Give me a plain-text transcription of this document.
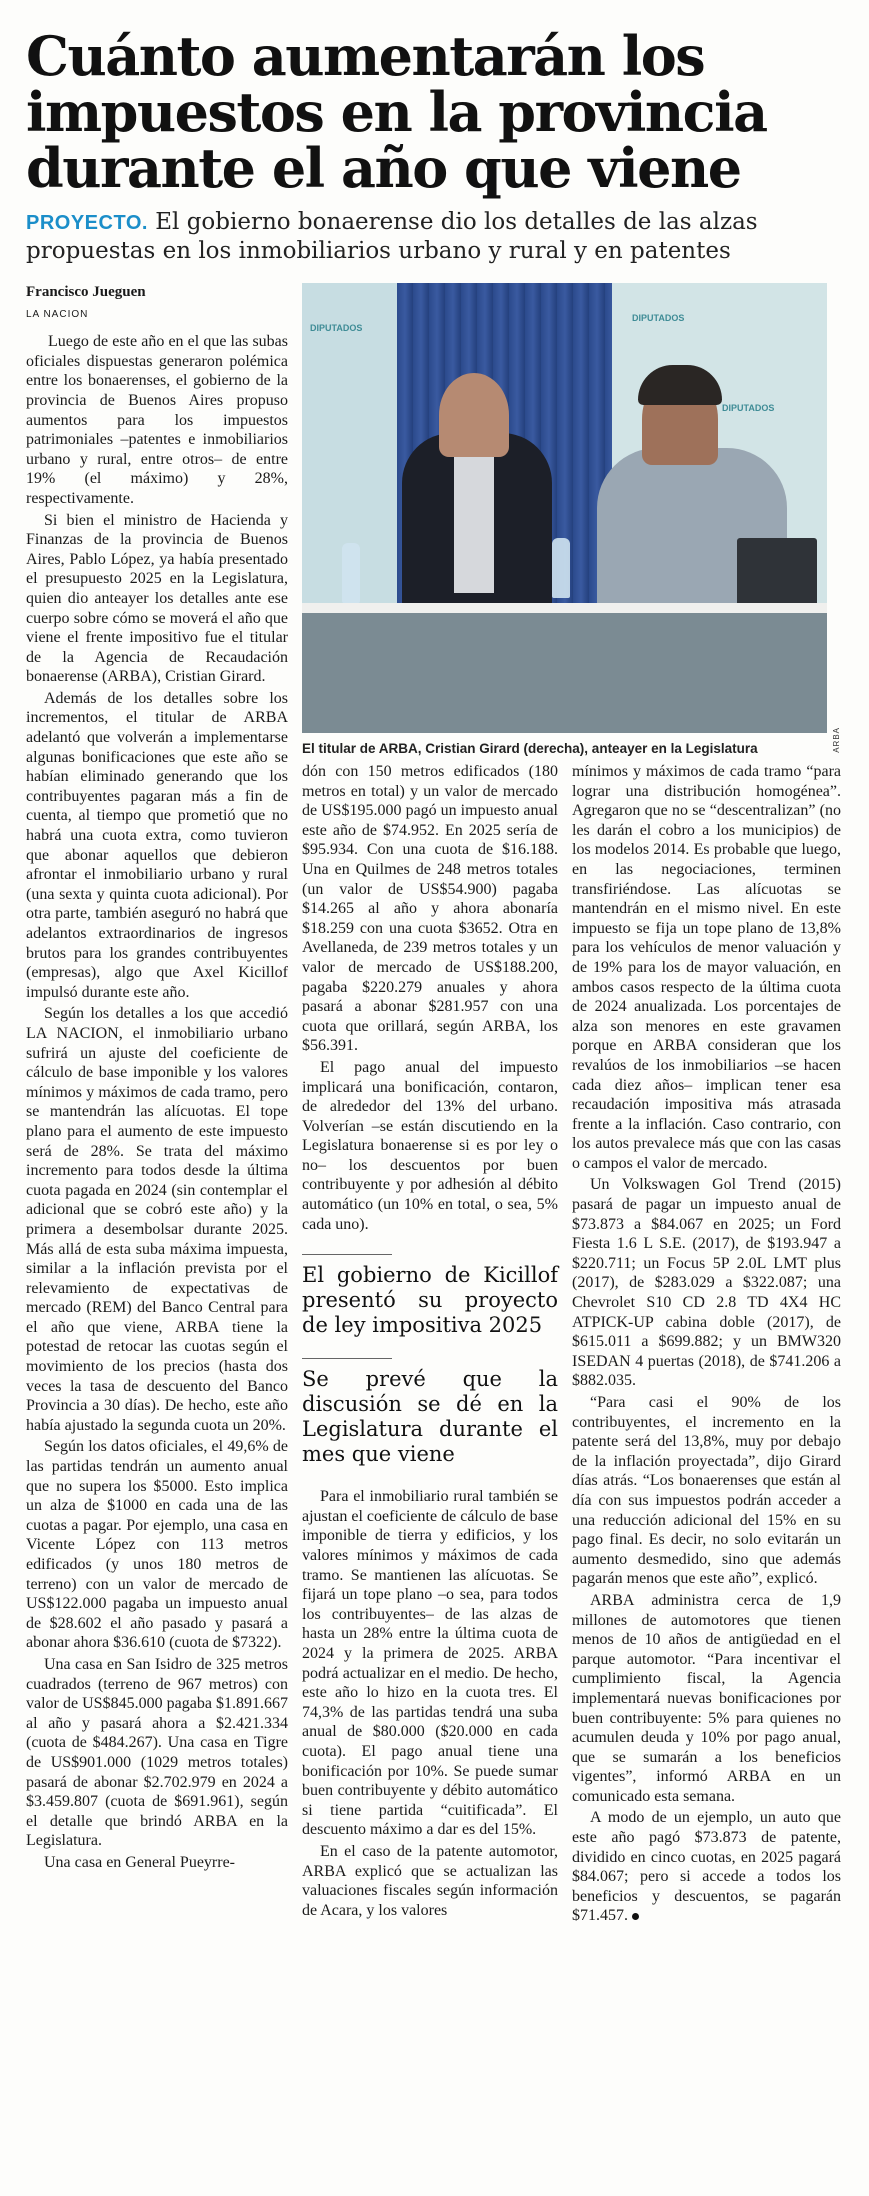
Cuánto aumentarán los impuestos en la provincia durante el año que viene

PROYECTO. El gobierno bonaerense dio los detalles de las alzas propuestas en los inmobiliarios urbano y rural y en patentes

Francisco Jueguen
LA NACION

Luego de este año en el que las subas oficiales dispuestas generaron polémica entre los bonaerenses, el gobierno de la provincia de Buenos Aires propuso aumentos para los impuestos patrimoniales –patentes e inmobiliarios urbano y rural, entre otros– de entre 19% (el máximo) y 28%, respectivamente.

Si bien el ministro de Hacienda y Finanzas de la provincia de Buenos Aires, Pablo López, ya había presentado el presupuesto 2025 en la Legislatura, quien dio anteayer los detalles ante ese cuerpo sobre cómo se moverá el año que viene el frente impositivo fue el titular de la Agencia de Recaudación bonaerense (ARBA), Cristian Girard.

Además de los detalles sobre los incrementos, el titular de ARBA adelantó que volverán a implementarse algunas bonificaciones que este año se habían eliminado generando que los contribuyentes pagaran más a fin de cuenta, al tiempo que prometió que no habrá una cuota extra, como tuvieron que abonar aquellos que debieron afrontar el inmobiliario urbano y rural (una sexta y quinta cuota adicional). Por otra parte, también aseguró no habrá que adelantos extraordinarios de ingresos brutos para los grandes contribuyentes (empresas), algo que Axel Kicillof impulsó durante este año.

Según los detalles a los que accedió LA NACION, el inmobiliario urbano sufrirá un ajuste del coeficiente de cálculo de base imponible y los valores mínimos y máximos de cada tramo, pero se mantendrán las alícuotas. El tope plano para el aumento de este impuesto será de 28%. Se trata del máximo incremento para todos desde la última cuota pagada en 2024 (sin contemplar el adicional que se cobró este año) y la primera a desembolsar durante 2025. Más allá de esta suba máxima impuesta, similar a la inflación prevista por el relevamiento de expectativas de mercado (REM) del Banco Central para el año que viene, ARBA tiene la potestad de retocar las cuotas según el movimiento de los precios (hasta dos veces la tasa de descuento del Banco Provincia a 30 días). De hecho, este año había ajustado la segunda cuota un 20%.

Según los datos oficiales, el 49,6% de las partidas tendrán un aumento anual que no supera los $5000. Esto implica un alza de $1000 en cada una de las cuotas a pagar. Por ejemplo, una casa en Vicente López con 113 metros edificados (y unos 180 metros de terreno) con un valor de mercado de US$122.000 pagaba un impuesto anual de $28.602 el año pasado y pasará a abonar ahora $36.610 (cuota de $7322).

Una casa en San Isidro de 325 metros cuadrados (terreno de 967 metros) con valor de US$845.000 pagaba $1.891.667 al año y pasará ahora a $2.421.334 (cuota de $484.267). Una casa en Tigre de US$901.000 (1029 metros totales) pasará de abonar $2.702.979 en 2024 a $3.459.807 (cuota de $691.961), según el detalle que brindó ARBA en la Legislatura.

Una casa en General Pueyrre-

DIPUTADOS
DIPUTADOS
DIPUTADOS
ARBA
El titular de ARBA, Cristian Girard (derecha), anteayer en la Legislatura

dón con 150 metros edificados (180 metros en total) y un valor de mercado de US$195.000 pagó un impuesto anual este año de $74.952. En 2025 sería de $95.934. Con una cuota de $16.188. Una en Quilmes de 248 metros totales (un valor de US$54.900) pagaba $14.265 al año y ahora abonaría $18.259 con una cuota $3652. Otra en Avellaneda, de 239 metros totales y un valor de mercado de US$188.200, pagaba $220.279 anuales y ahora pasará a abonar $281.957 con una cuota que orillará, según ARBA, los $56.391.

El pago anual del impuesto implicará una bonificación, contaron, de alrededor del 13% del urbano. Volverían –se están discutiendo en la Legislatura bonaerense si es por ley o no– los descuentos por buen contribuyente y por adhesión al débito automático (un 10% en total, o sea, 5% cada uno).

El gobierno de Kicillof presentó su proyecto de ley impositiva 2025
Se prevé que la discusión se dé en la Legislatura durante el mes que viene

Para el inmobiliario rural también se ajustan el coeficiente de cálculo de base imponible de tierra y edificios, y los valores mínimos y máximos de cada tramo. Se mantienen las alícuotas. Se fijará un tope plano –o sea, para todos los contribuyentes– de las alzas de hasta un 28% entre la última cuota de 2024 y la primera de 2025. ARBA podrá actualizar en el medio. De hecho, este año lo hizo en la cuota tres. El 74,3% de las partidas tendrá una suba anual de $80.000 ($20.000 en cada cuota). El pago anual tiene una bonificación por 10%. Se puede sumar buen contribuyente y débito automático si tiene partida “cuitificada”. El descuento máximo a dar es del 15%.

En el caso de la patente automotor, ARBA explicó que se actualizan las valuaciones fiscales según información de Acara, y los valores

mínimos y máximos de cada tramo “para lograr una distribución homogénea”. Agregaron que no se “descentralizan” (no les darán el cobro a los municipios) de los modelos 2014. Es probable que luego, en las negociaciones, terminen transfiriéndose. Las alícuotas se mantendrán en el mismo nivel. En este impuesto se fija un tope plano de 13,8% para los vehículos de menor valuación y de 19% para los de mayor valuación, en ambos casos respecto de la última cuota de 2024 anualizada. Los porcentajes de alza son menores en este gravamen porque en ARBA consideran que los revalúos de los inmobiliarios –se hacen cada diez años– implican tener esa recaudación impositiva más atrasada frente a la inflación. Caso contrario, con los autos prevalece más que con las casas o campos el valor de mercado.

Un Volkswagen Gol Trend (2015) pasará de pagar un impuesto anual de $73.873 a $84.067 en 2025; un Ford Fiesta 1.6 L S.E. (2017), de $193.947 a $220.711; un Focus 5P 2.0L LMT plus (2017), de $283.029 a $322.087; una Chevrolet S10 CD 2.8 TD 4X4 HC ATPICK-UP cabina doble (2017), de $615.011 a $699.882; y un BMW320 ISEDAN 4 puertas (2018), de $741.206 a $882.035.

“Para casi el 90% de los contribuyentes, el incremento en la patente será del 13,8%, muy por debajo de la inflación proyectada”, dijo Girard días atrás. “Los bonaerenses que están al día con sus impuestos podrán acceder a una reducción adicional del 15% en su pago final. Es decir, no solo evitarán un aumento desmedido, sino que además pagarán menos que este año”, explicó.

ARBA administra cerca de 1,9 millones de automotores que tienen menos de 10 años de antigüedad en el parque automotor. “Para incentivar el cumplimiento fiscal, la Agencia implementará nuevas bonificaciones por buen contribuyente: 5% para quienes no acumulen deuda y 10% por pago anual, que se sumarán a los beneficios vigentes”, informó ARBA en un comunicado esta semana.

A modo de un ejemplo, un auto que este año pagó $73.873 de patente, dividido en cinco cuotas, en 2025 pagará $84.067; pero si accede a todos los beneficios y descuentos, se pagarán $71.457.
